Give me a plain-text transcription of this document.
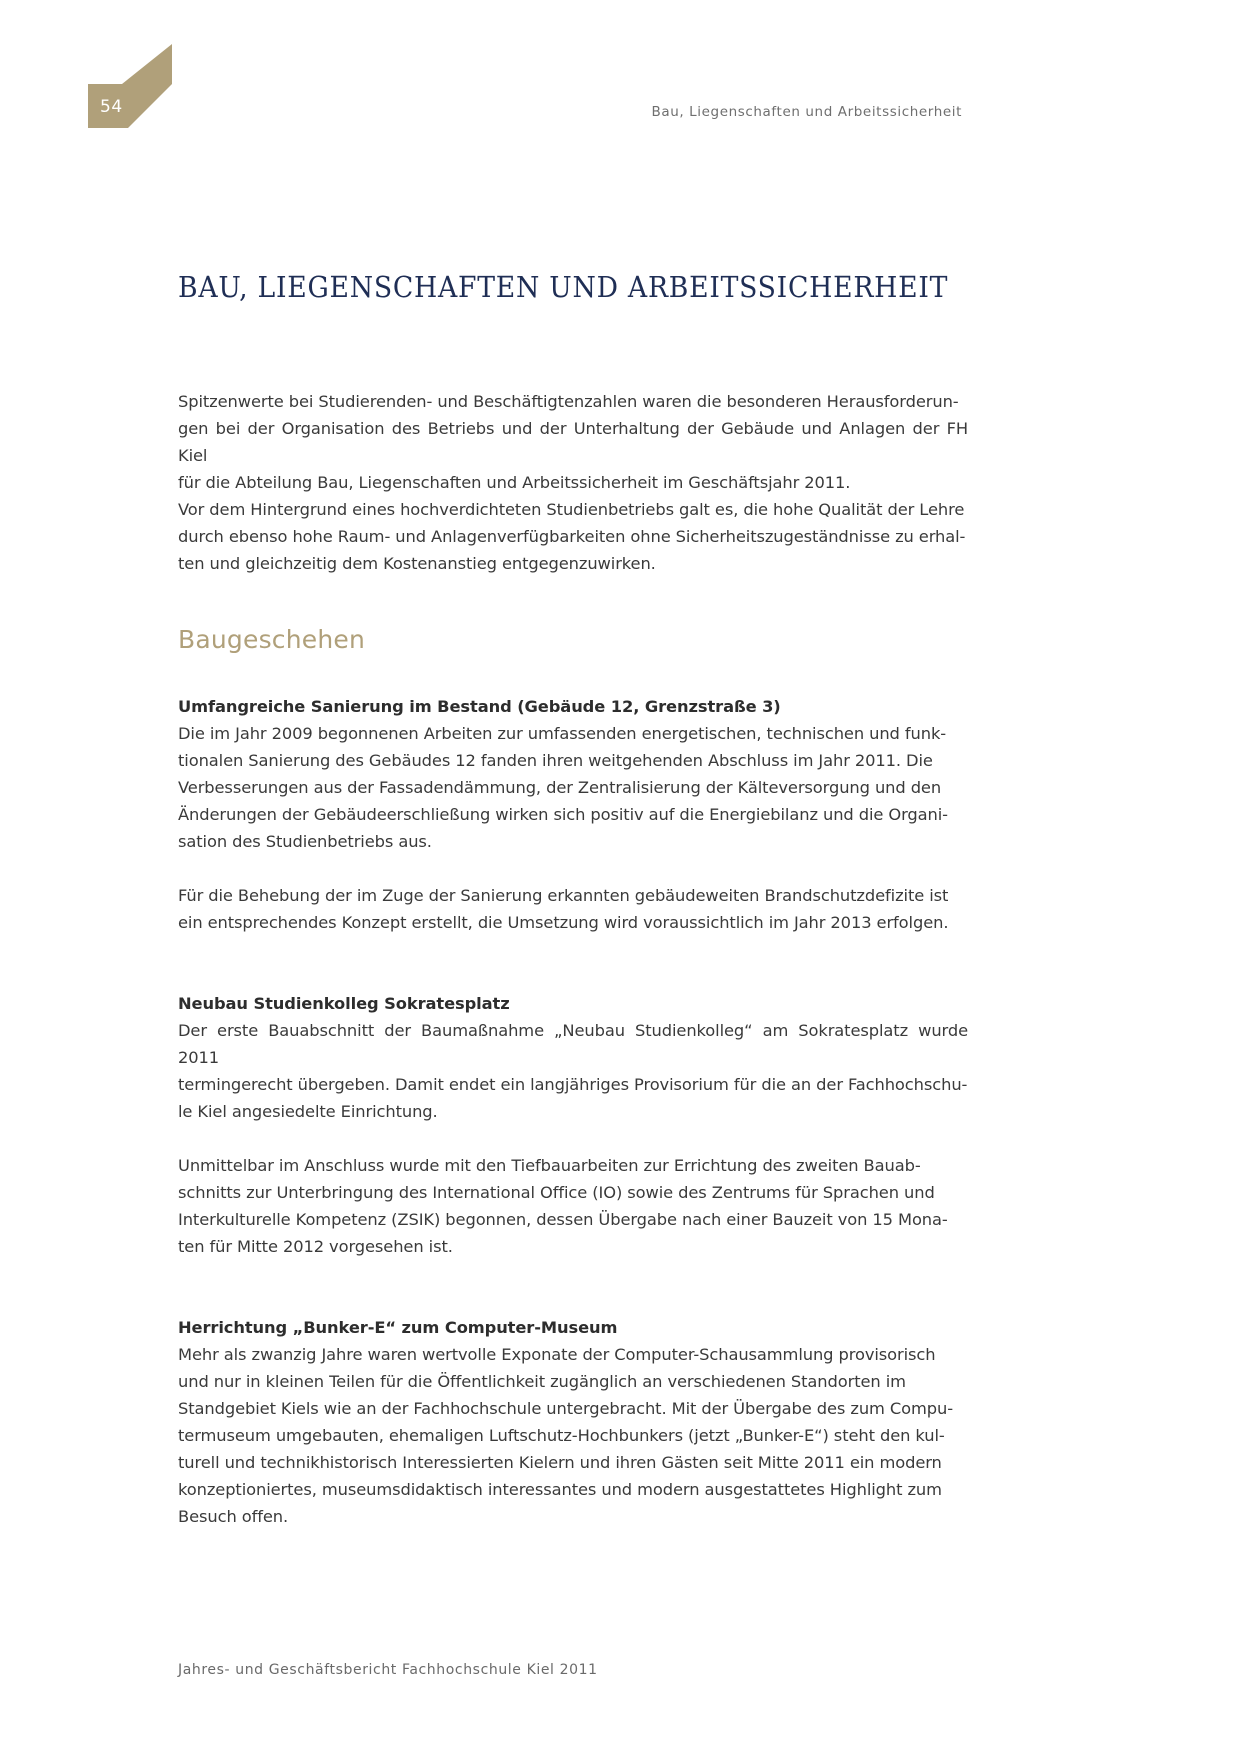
54	Bau, Liegenschaften und Arbeitssicherheit
BAU, LIEGENSCHAFTEN UND ARBEITSSICHERHEIT

Spitzenwerte bei Studierenden- und Beschäftigtenzahlen waren die besonderen Herausforderun-
gen bei der Organisation des Betriebs und der Unterhaltung der Gebäude und Anlagen der FH Kiel
für die Abteilung Bau, Liegenschaften und Arbeitssicherheit im Geschäftsjahr 2011.
Vor dem Hintergrund eines hochverdichteten Studienbetriebs galt es, die hohe Qualität der Lehre
durch ebenso hohe Raum- und Anlagenverfügbarkeiten ohne Sicherheitszugeständnisse zu erhal-
ten und gleichzeitig dem Kostenanstieg entgegenzuwirken.

Baugeschehen
Umfangreiche Sanierung im Bestand (Gebäude 12, Grenzstraße 3)

Die im Jahr 2009 begonnenen Arbeiten zur umfassenden energetischen, technischen und funk-
tionalen Sanierung des Gebäudes 12 fanden ihren weitgehenden Abschluss im Jahr 2011. Die
Verbesserungen aus der Fassadendämmung, der Zentralisierung der Kälteversorgung und den
Änderungen der Gebäudeerschließung wirken sich positiv auf die Energiebilanz und die Organi-
sation des Studienbetriebs aus.

Für die Behebung der im Zuge der Sanierung erkannten gebäudeweiten Brandschutzdefizite ist
ein entsprechendes Konzept erstellt, die Umsetzung wird voraussichtlich im Jahr 2013 erfolgen.

Neubau Studienkolleg Sokratesplatz

Der erste Bauabschnitt der Baumaßnahme „Neubau Studienkolleg“ am Sokratesplatz wurde 2011
termingerecht übergeben. Damit endet ein langjähriges Provisorium für die an der Fachhochschu-
le Kiel angesiedelte Einrichtung.

Unmittelbar im Anschluss wurde mit den Tiefbauarbeiten zur Errichtung des zweiten Bauab-
schnitts zur Unterbringung des International Office (IO) sowie des Zentrums für Sprachen und
Interkulturelle Kompetenz (ZSIK) begonnen, dessen Übergabe nach einer Bauzeit von 15 Mona-
ten für Mitte 2012 vorgesehen ist.

Herrichtung „Bunker-E“ zum Computer-Museum

Mehr als zwanzig Jahre waren wertvolle Exponate der Computer-Schausammlung provisorisch
und nur in kleinen Teilen für die Öffentlichkeit zugänglich an verschiedenen Standorten im
Standgebiet Kiels wie an der Fachhochschule untergebracht. Mit der Übergabe des zum Compu-
termuseum umgebauten, ehemaligen Luftschutz-Hochbunkers (jetzt „Bunker-E“) steht den kul-
turell und technikhistorisch Interessierten Kielern und ihren Gästen seit Mitte 2011 ein modern
konzeptioniertes, museumsdidaktisch interessantes und modern ausgestattetes Highlight zum
Besuch offen.

Jahres- und Geschäftsbericht Fachhochschule Kiel 2011
